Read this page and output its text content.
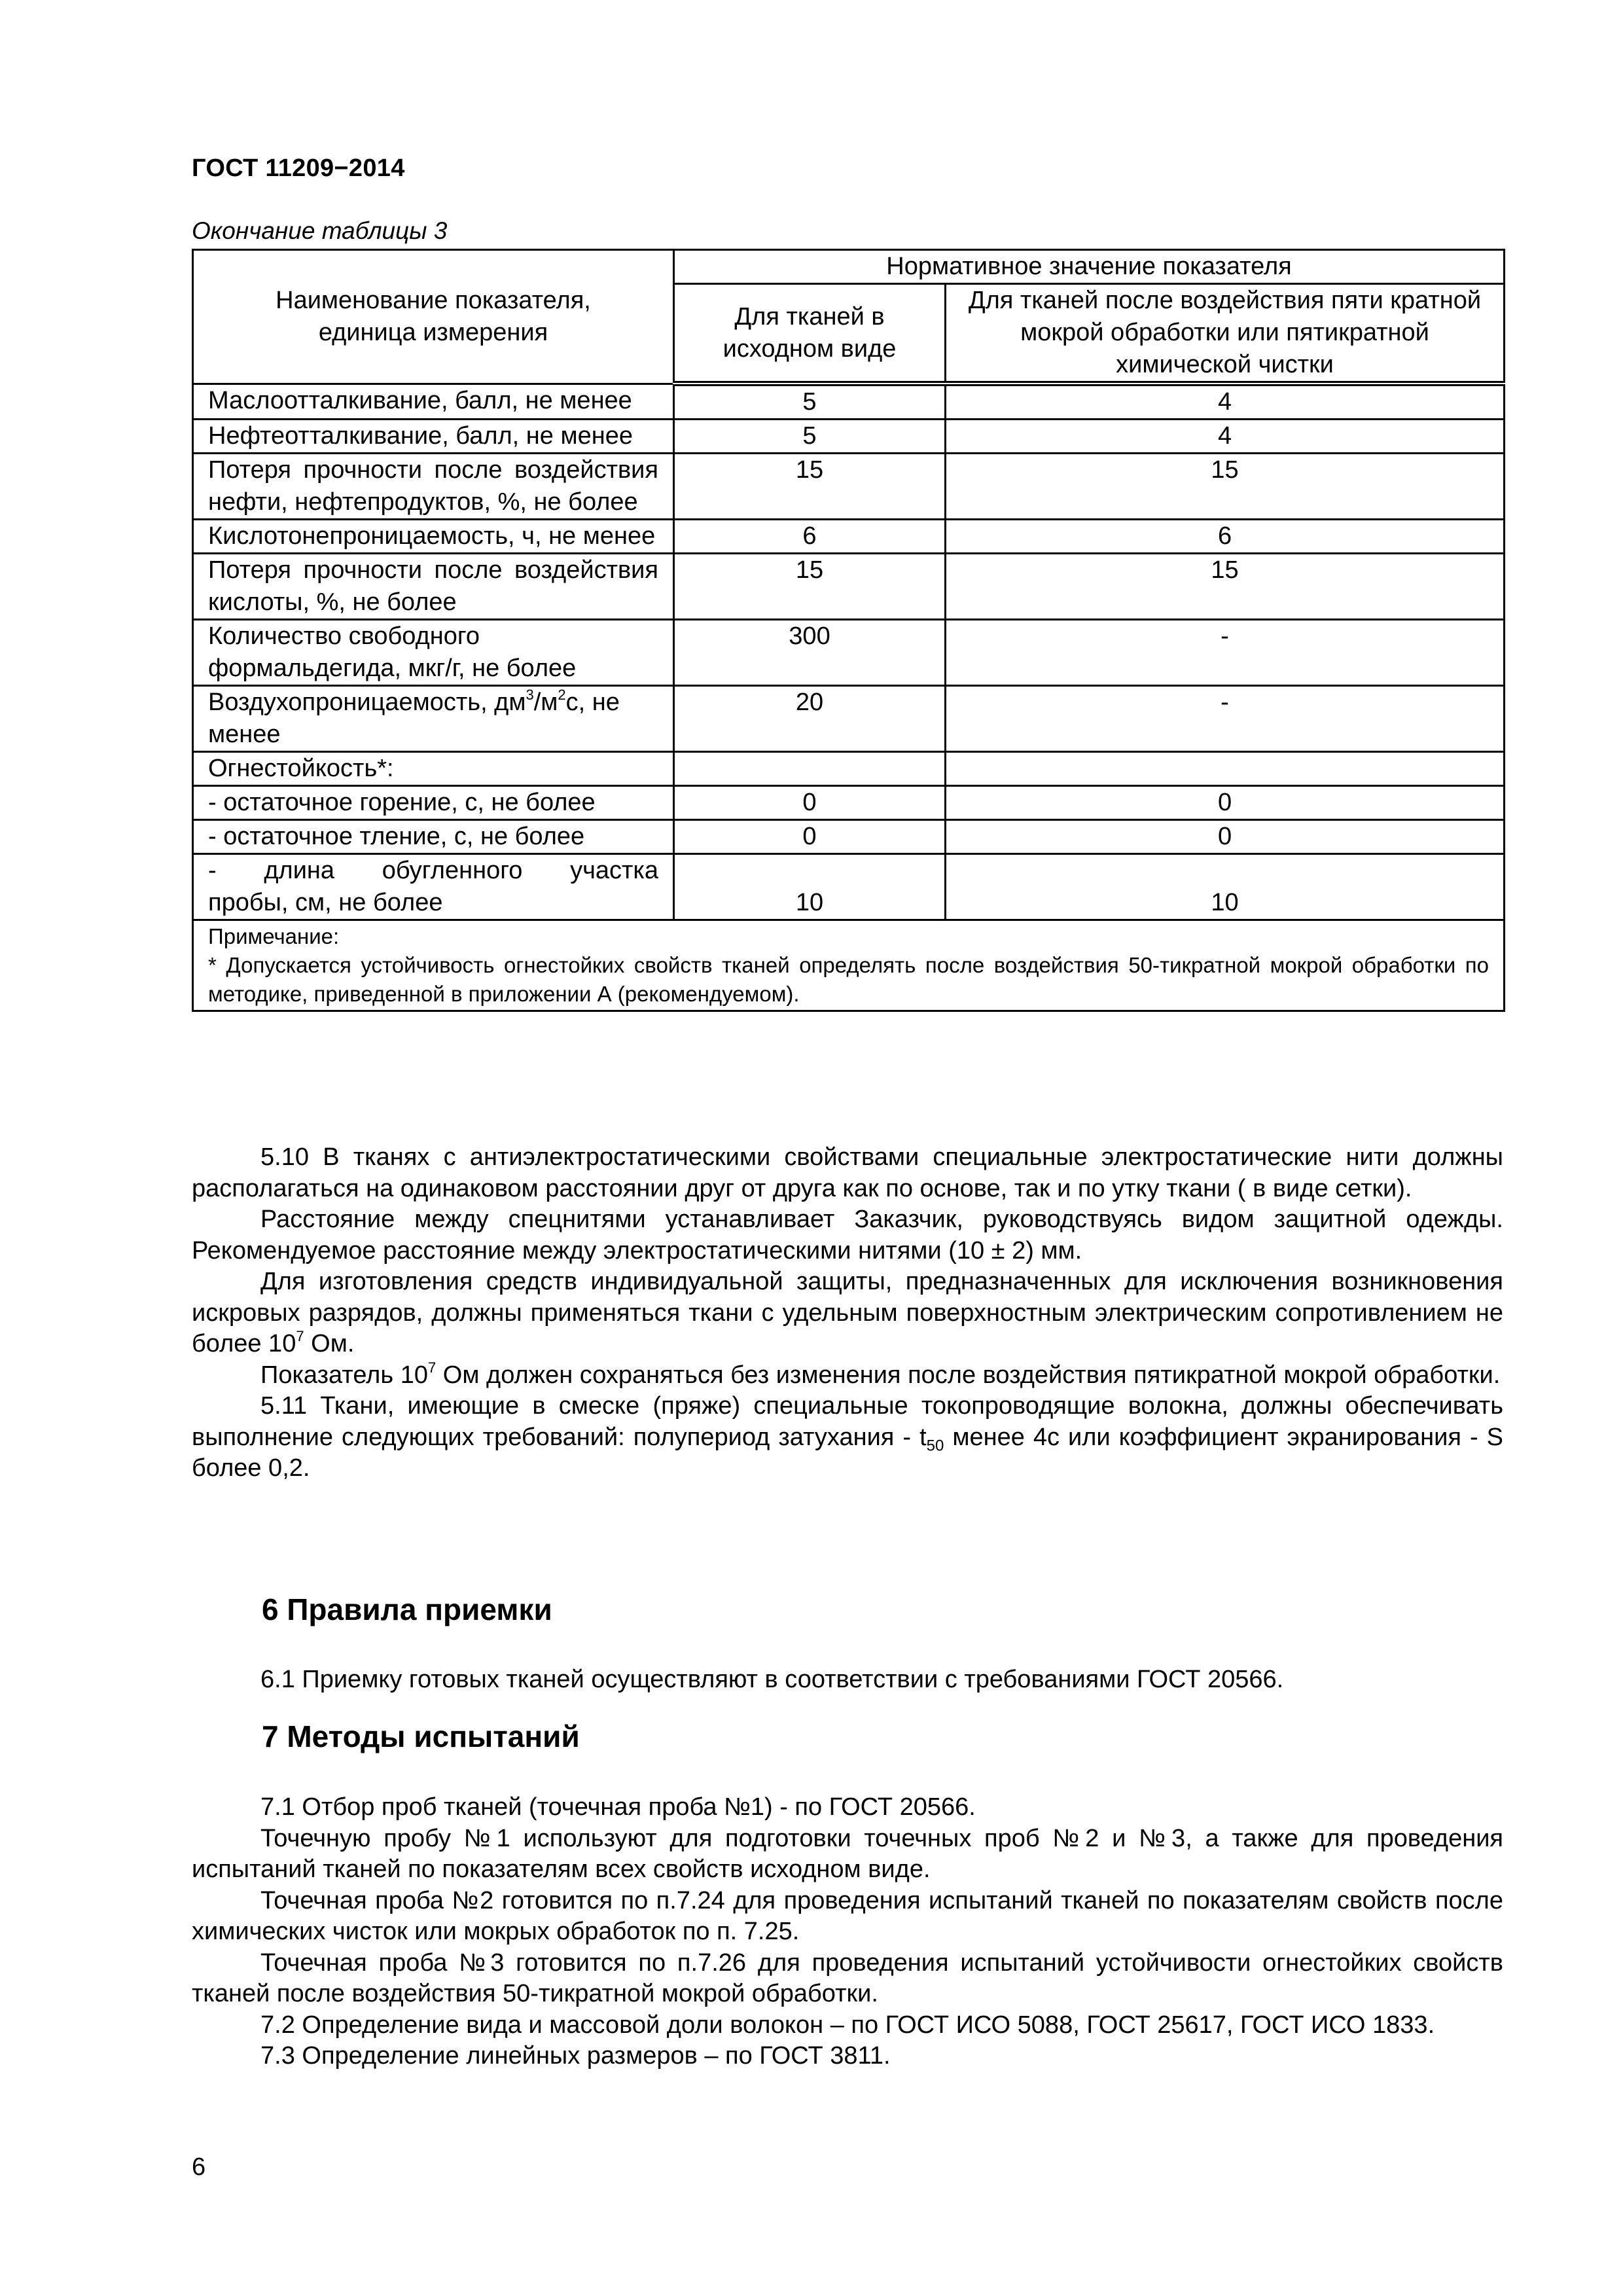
ГОСТ 11209−2014
Окончание таблицы 3
Наименование показателя, единица измерения	Нормативное значение показателя	
	Для тканей в исходном виде	Для тканей после воздействия пяти кратной мокрой обработки или пятикратной химической чистки
Маслоотталкивание, балл, не менее	5	4
Нефтеотталкивание, балл, не менее	5	4
Потеря прочности после воздействия нефти, нефтепродуктов, %, не более	15	15
Кислотонепроницаемость, ч, не менее	6	6
Потеря прочности после воздействия кислоты, %, не более	15	15
Количество свободного формальдегида, мкг/г, не более	300	-
Воздухопроницаемость, $дм^3/м^2с$, не менее	20	-
Огнестойкость*:		
- остаточное горение, с, не более	0	0
- остаточное тление, с, не более	0	0

- длина обугленного участка
пробы, см, не более	10	10

Примечание:
* Допускается устойчивость огнестойких свойств тканей определять после воздействия 50-тикратной мокрой обработки по методике, приведенной в приложении А (рекомендуемом).		

5.10 В тканях с антиэлектростатическими свойствами специальные электростатические нити должны располагаться на одинаковом расстоянии друг от друга как по основе, так и по утку ткани ( в виде сетки).

Расстояние между спецнитями устанавливает Заказчик, руководствуясь видом защитной одежды. Рекомендуемое расстояние между электростатическими нитями (10 ± 2) мм.

Для изготовления средств индивидуальной защиты, предназначенных для исключения возникновения искровых разрядов, должны применяться ткани с удельным поверхностным электрическим сопротивлением не более $10^7$ Ом.

Показатель $10^7$ Ом должен сохраняться без изменения после воздействия пятикратной мокрой обработки.

5.11 Ткани, имеющие в смеске (пряже) специальные токопроводящие волокна, должны обеспечивать выполнение следующих требований: полупериод затухания - $t_{50}$ менее 4с или коэффициент экранирования - S более 0,2.

6 Правила приемки

6.1 Приемку готовых тканей осуществляют в соответствии с требованиями ГОСТ 20566.

7 Методы испытаний

7.1 Отбор проб тканей (точечная проба №1) - по ГОСТ 20566.

Точечную пробу №1 используют для подготовки точечных проб №2 и №3, а также для проведения испытаний тканей по показателям всех свойств исходном виде.

Точечная проба №2 готовится по п.7.24 для проведения испытаний тканей по показателям свойств после химических чисток или мокрых обработок по п. 7.25.

Точечная проба №3 готовится по п.7.26 для проведения испытаний устойчивости огнестойких свойств тканей после воздействия 50-тикратной мокрой обработки.

7.2 Определение вида и массовой доли волокон – по ГОСТ ИСО 5088, ГОСТ 25617, ГОСТ ИСО 1833.

7.3 Определение линейных размеров – по ГОСТ 3811.

6
